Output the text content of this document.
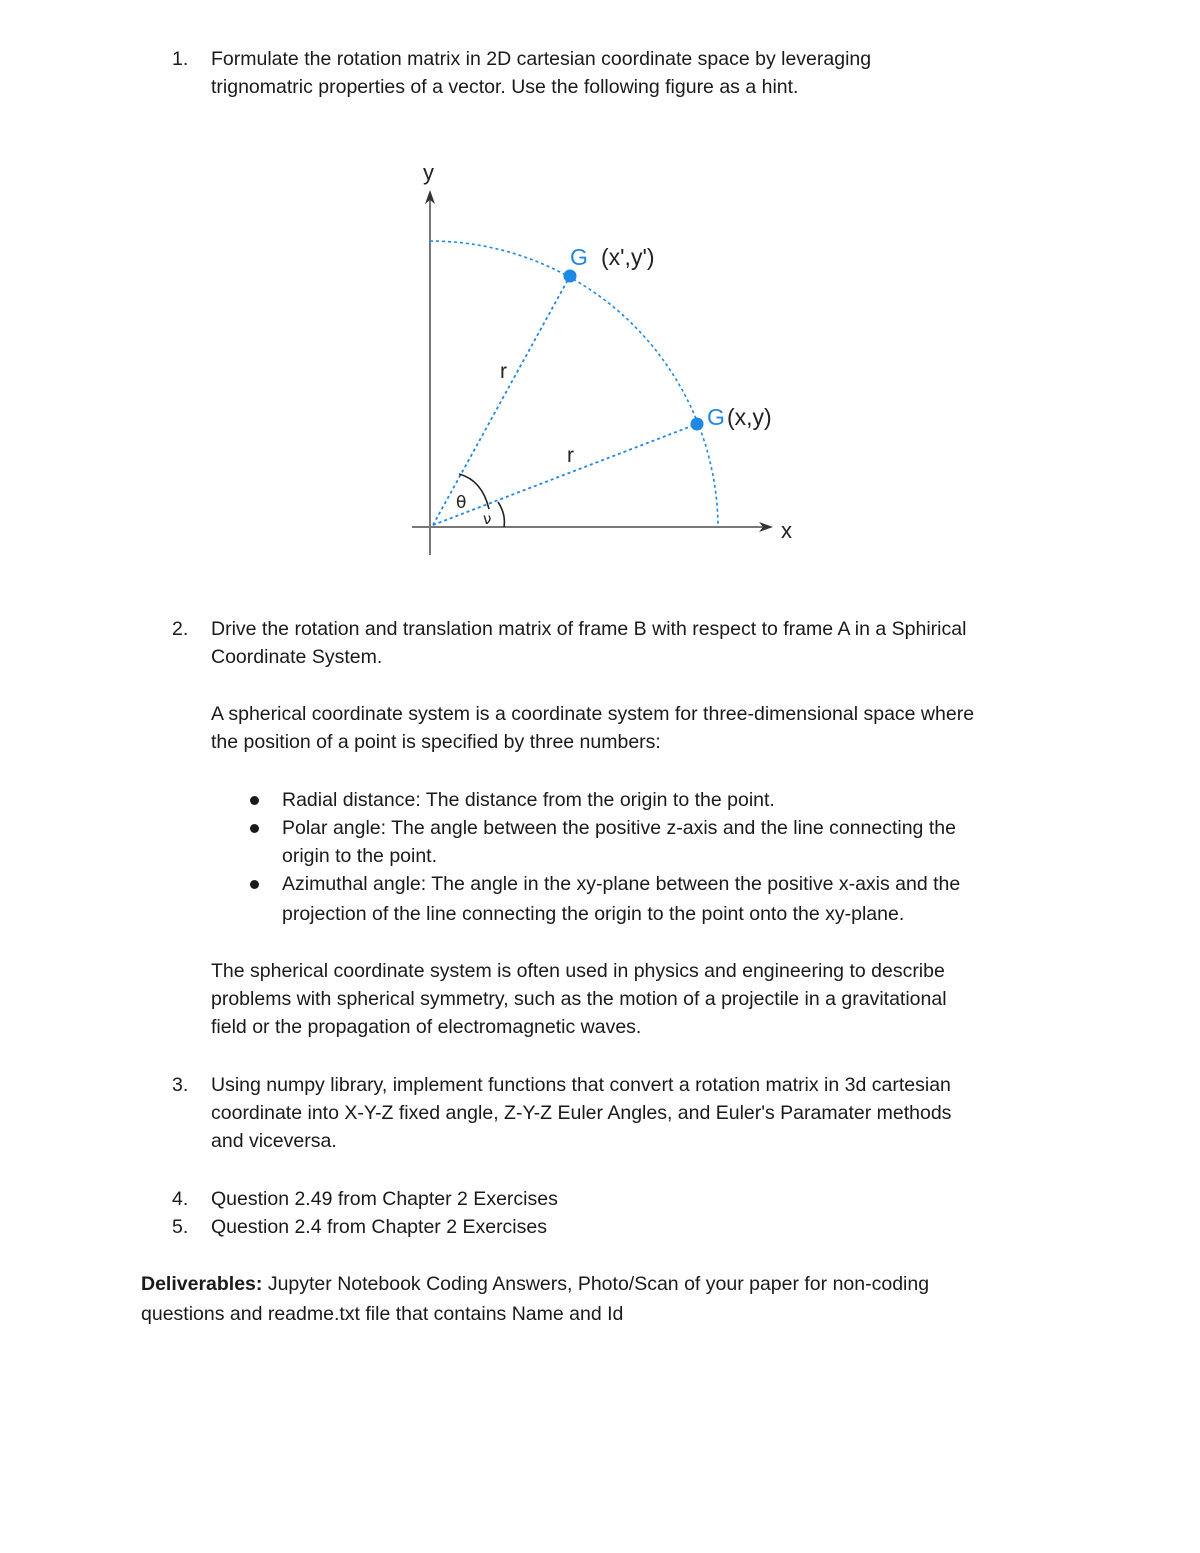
1.	Formulate the rotation matrix in 2D cartesian coordinate space by leveraging
trignomatric properties of a vector. Use the following figure as a hint.
y
x
G (x',y')
G (x,y)
r
r
θ
ν
2.	Drive the rotation and translation matrix of frame B with respect to frame A in a Sphirical
Coordinate System.
A spherical coordinate system is a coordinate system for three-dimensional space where
the position of a point is specified by three numbers:
Radial distance: The distance from the origin to the point.
Polar angle: The angle between the positive z-axis and the line connecting the
origin to the point.
Azimuthal angle: The angle in the xy-plane between the positive x-axis and the
projection of the line connecting the origin to the point onto the xy-plane.
The spherical coordinate system is often used in physics and engineering to describe
problems with spherical symmetry, such as the motion of a projectile in a gravitational
field or the propagation of electromagnetic waves.
3.	Using numpy library, implement functions that convert a rotation matrix in 3d cartesian
coordinate into X-Y-Z fixed angle, Z-Y-Z Euler Angles, and Euler's Paramater methods
and viceversa.
4.	Question 2.49 from Chapter 2 Exercises
5.	Question 2.4 from Chapter 2 Exercises
Deliverables: Jupyter Notebook Coding Answers, Photo/Scan of your paper for non-coding
questions and readme.txt file that contains Name and Id
